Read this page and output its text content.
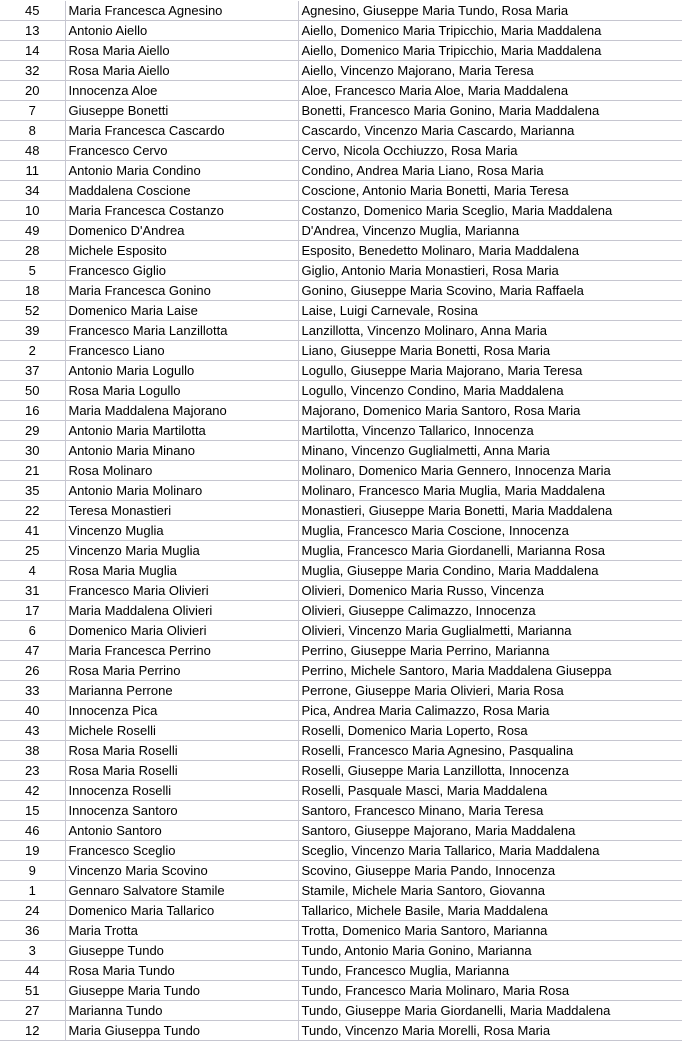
45	Maria Francesca Agnesino	Agnesino, Giuseppe Maria Tundo, Rosa Maria
13	Antonio Aiello	Aiello, Domenico Maria Tripicchio, Maria Maddalena
14	Rosa Maria Aiello	Aiello, Domenico Maria Tripicchio, Maria Maddalena
32	Rosa Maria Aiello	Aiello, Vincenzo Majorano, Maria Teresa
20	Innocenza Aloe	Aloe, Francesco Maria Aloe, Maria Maddalena
7	Giuseppe Bonetti	Bonetti, Francesco Maria Gonino, Maria Maddalena
8	Maria Francesca Cascardo	Cascardo, Vincenzo Maria Cascardo, Marianna
48	Francesco Cervo	Cervo, Nicola Occhiuzzo, Rosa Maria
11	Antonio Maria Condino	Condino, Andrea Maria Liano, Rosa Maria
34	Maddalena Coscione	Coscione, Antonio Maria Bonetti, Maria Teresa
10	Maria Francesca Costanzo	Costanzo, Domenico Maria Sceglio, Maria Maddalena
49	Domenico D'Andrea	D'Andrea, Vincenzo Muglia, Marianna
28	Michele Esposito	Esposito, Benedetto Molinaro, Maria Maddalena
5	Francesco Giglio	Giglio, Antonio Maria Monastieri, Rosa Maria
18	Maria Francesca Gonino	Gonino, Giuseppe Maria Scovino, Maria Raffaela
52	Domenico Maria Laise	Laise, Luigi Carnevale, Rosina
39	Francesco Maria Lanzillotta	Lanzillotta, Vincenzo Molinaro, Anna Maria
2	Francesco Liano	Liano, Giuseppe Maria Bonetti, Rosa Maria
37	Antonio Maria Logullo	Logullo, Giuseppe Maria Majorano, Maria Teresa
50	Rosa Maria Logullo	Logullo, Vincenzo Condino, Maria Maddalena
16	Maria Maddalena Majorano	Majorano, Domenico Maria Santoro, Rosa Maria
29	Antonio Maria Martilotta	Martilotta, Vincenzo Tallarico, Innocenza
30	Antonio Maria Minano	Minano, Vincenzo Guglialmetti, Anna Maria
21	Rosa Molinaro	Molinaro, Domenico Maria Gennero, Innocenza Maria
35	Antonio Maria Molinaro	Molinaro, Francesco Maria Muglia, Maria Maddalena
22	Teresa Monastieri	Monastieri, Giuseppe Maria Bonetti, Maria Maddalena
41	Vincenzo Muglia	Muglia, Francesco Maria Coscione, Innocenza
25	Vincenzo Maria Muglia	Muglia, Francesco Maria Giordanelli, Marianna Rosa
4	Rosa Maria Muglia	Muglia, Giuseppe Maria Condino, Maria Maddalena
31	Francesco Maria Olivieri	Olivieri, Domenico Maria Russo, Vincenza
17	Maria Maddalena Olivieri	Olivieri, Giuseppe Calimazzo, Innocenza
6	Domenico Maria Olivieri	Olivieri, Vincenzo Maria Guglialmetti, Marianna
47	Maria Francesca Perrino	Perrino, Giuseppe Maria Perrino, Marianna
26	Rosa Maria Perrino	Perrino, Michele Santoro, Maria Maddalena Giuseppa
33	Marianna Perrone	Perrone, Giuseppe Maria Olivieri, Maria Rosa
40	Innocenza Pica	Pica, Andrea Maria Calimazzo, Rosa Maria
43	Michele Roselli	Roselli, Domenico Maria Loperto, Rosa
38	Rosa Maria Roselli	Roselli, Francesco Maria Agnesino, Pasqualina
23	Rosa Maria Roselli	Roselli, Giuseppe Maria Lanzillotta, Innocenza
42	Innocenza Roselli	Roselli, Pasquale Masci, Maria Maddalena
15	Innocenza Santoro	Santoro, Francesco Minano, Maria Teresa
46	Antonio Santoro	Santoro, Giuseppe Majorano, Maria Maddalena
19	Francesco Sceglio	Sceglio, Vincenzo Maria Tallarico, Maria Maddalena
9	Vincenzo Maria Scovino	Scovino, Giuseppe Maria Pando, Innocenza
1	Gennaro Salvatore Stamile	Stamile, Michele Maria Santoro, Giovanna
24	Domenico Maria Tallarico	Tallarico, Michele Basile, Maria Maddalena
36	Maria Trotta	Trotta, Domenico Maria Santoro, Marianna
3	Giuseppe Tundo	Tundo, Antonio Maria Gonino, Marianna
44	Rosa Maria Tundo	Tundo, Francesco Muglia, Marianna
51	Giuseppe Maria Tundo	Tundo, Francesco Maria Molinaro, Maria Rosa
27	Marianna Tundo	Tundo, Giuseppe Maria Giordanelli, Maria Maddalena
12	Maria Giuseppa Tundo	Tundo, Vincenzo Maria Morelli, Rosa Maria
